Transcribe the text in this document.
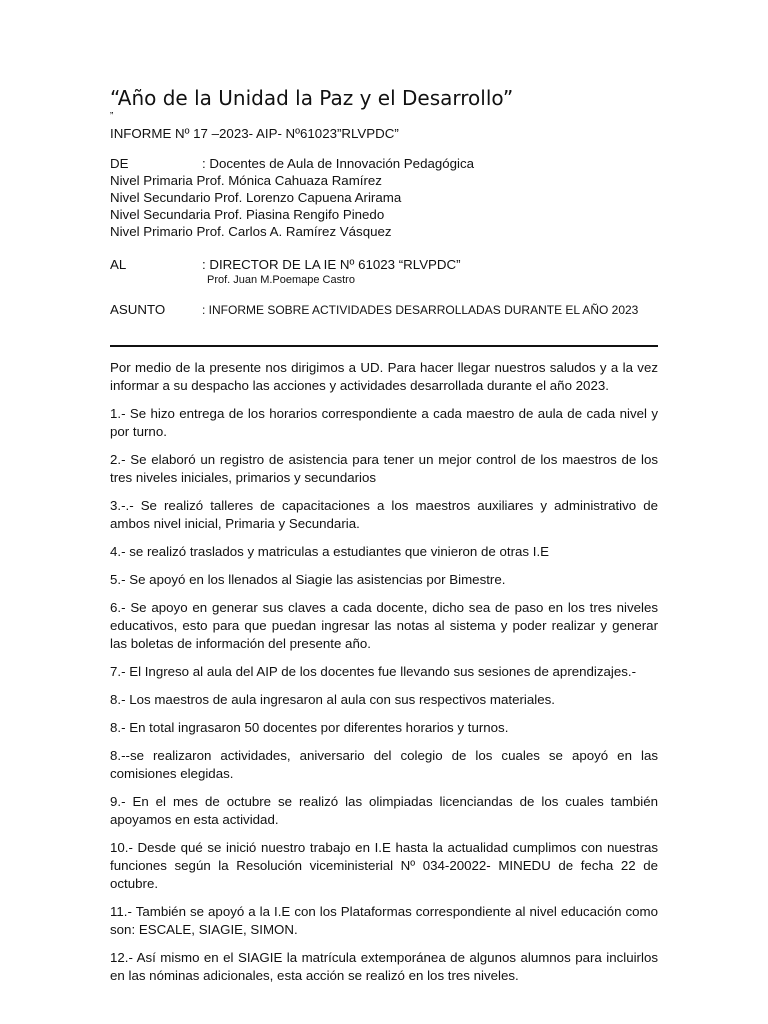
“Año de la Unidad la Paz y el Desarrollo”

”

INFORME Nº 17 –2023- AIP- Nº61023”RLVPDC”

DE	: Docentes de Aula de Innovación Pedagógica

Nivel Primaria Prof. Mónica Cahuaza Ramírez

Nivel Secundario Prof. Lorenzo Capuena Arirama

Nivel Secundaria Prof. Piasina Rengifo Pinedo

Nivel Primario Prof. Carlos A. Ramírez Vásquez

AL	: DIRECTOR DE LA IE Nº 61023 “RLVPDC”
Prof. Juan M.Poemape Castro
ASUNTO	: INFORME SOBRE ACTIVIDADES DESARROLLADAS DURANTE EL AÑO 2023

Por medio de la presente nos dirigimos a UD. Para hacer llegar nuestros saludos y a la vez informar a su despacho las acciones y actividades desarrollada durante el año 2023.

1.- Se hizo entrega de los horarios correspondiente a cada maestro de aula de cada nivel y por turno.

2.- Se elaboró un registro de asistencia para tener un mejor control de los maestros de los tres niveles iniciales, primarios y secundarios

3.-.- Se realizó talleres de capacitaciones a los maestros auxiliares y administrativo de ambos nivel inicial, Primaria y Secundaria.

4.- se realizó traslados y matriculas a estudiantes que vinieron de otras I.E

5.- Se apoyó en los llenados al Siagie las asistencias por Bimestre.

6.- Se apoyo en generar sus claves a cada docente, dicho sea de paso en los tres niveles educativos, esto para que puedan ingresar las notas al sistema y poder realizar y generar las boletas de información del presente año.

7.- El Ingreso al aula del AIP de los docentes fue llevando sus sesiones de aprendizajes.-

8.- Los maestros de aula ingresaron al aula con sus respectivos materiales.

8.- En total ingrasaron 50 docentes por diferentes horarios y turnos.

8.--se realizaron actividades, aniversario del colegio de los cuales se apoyó en las comisiones elegidas.

9.- En el mes de octubre se realizó las olimpiadas licenciandas de los cuales también apoyamos en esta actividad.

10.- Desde qué se inició nuestro trabajo en I.E hasta la actualidad cumplimos con nuestras funciones según la Resolución viceministerial Nº 034-20022- MINEDU de fecha 22 de octubre.

11.- También se apoyó a la I.E con los Plataformas correspondiente al nivel educación como son: ESCALE, SIAGIE, SIMON.

12.- Así mismo en el SIAGIE la matrícula extemporánea de algunos alumnos para incluirlos en las nóminas adicionales, esta acción se realizó en los tres niveles.
